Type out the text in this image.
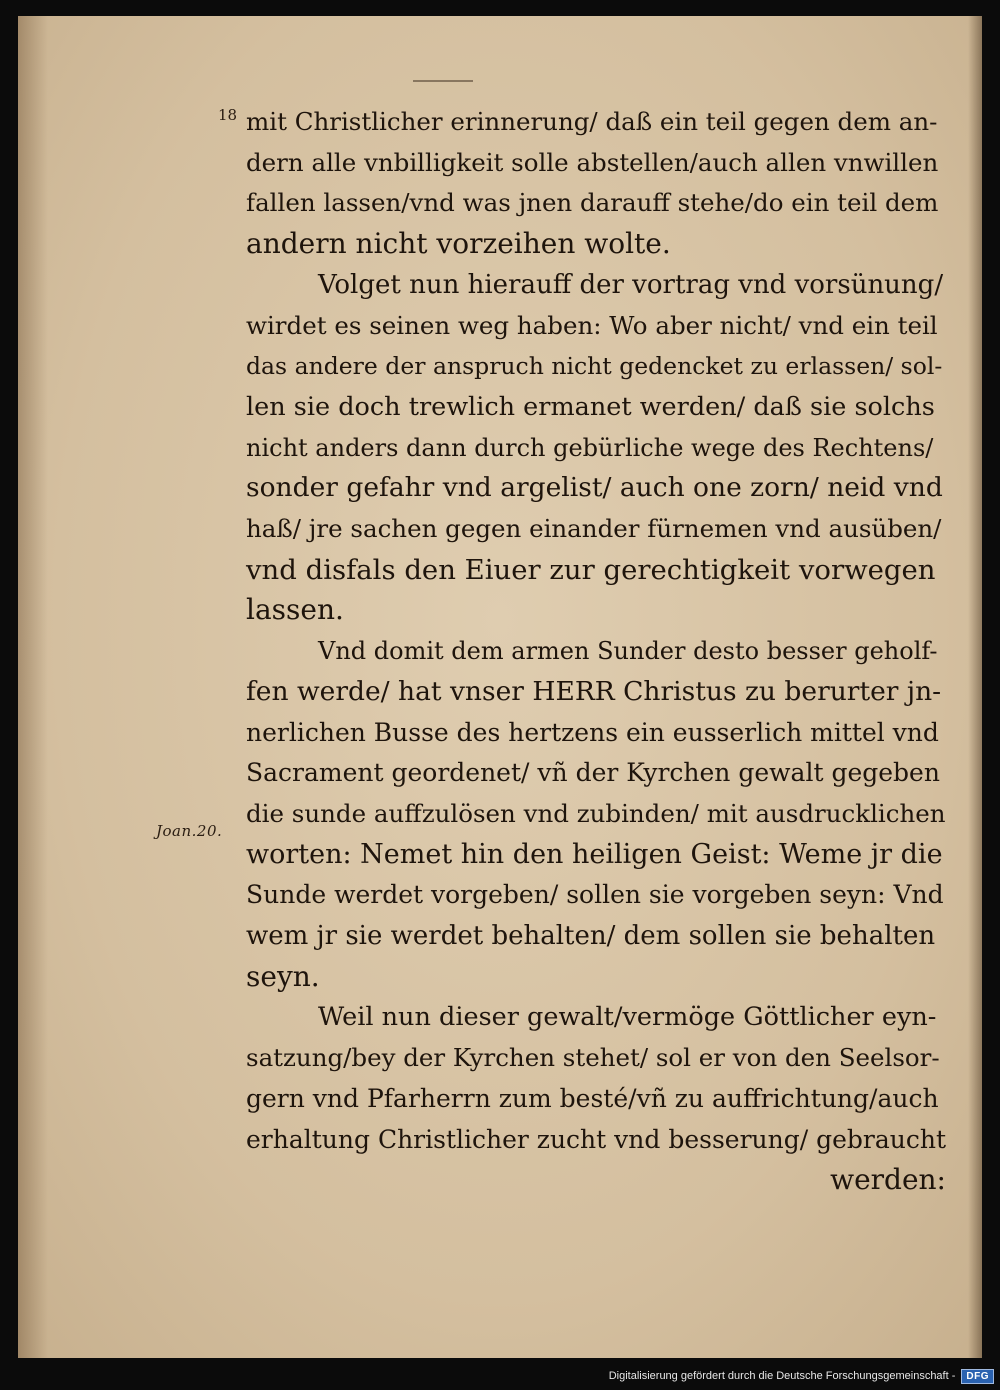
18
Joan.20.
mit Christlicher erinnerung/ daß ein teil gegen dem an-
dern alle vnbilligkeit solle abstellen/auch allen vnwillen
fallen lassen/vnd was jnen darauff stehe/do ein teil dem
andern nicht vorzeihen wolte.
Volget nun hierauff der vortrag vnd vorsünung/
wirdet es seinen weg haben: Wo aber nicht/ vnd ein teil
das andere der anspruch nicht gedencket zu erlassen/ sol-
len sie doch trewlich ermanet werden/ daß sie solchs
nicht anders dann durch gebürliche wege des Rechtens/
sonder gefahr vnd argelist/ auch one zorn/ neid vnd
haß/ jre sachen gegen einander fürnemen vnd ausüben/
vnd disfals den Eiuer zur gerechtigkeit vorwegen
lassen.
Vnd domit dem armen Sunder desto besser geholf-
fen werde/ hat vnser HERR Christus zu berurter jn-
nerlichen Busse des hertzens ein eusserlich mittel vnd
Sacrament geordenet/ vñ der Kyrchen gewalt gegeben
die sunde auffzulösen vnd zubinden/ mit ausdrucklichen
worten: Nemet hin den heiligen Geist: Weme jr die
Sunde werdet vorgeben/ sollen sie vorgeben seyn: Vnd
wem jr sie werdet behalten/ dem sollen sie behalten
seyn.
Weil nun dieser gewalt/vermöge Göttlicher eyn-
satzung/bey der Kyrchen stehet/ sol er von den Seelsor-
gern vnd Pfarherrn zum besté/vñ zu auffrichtung/auch
erhaltung Christlicher zucht vnd besserung/ gebraucht
werden:
Digitalisierung gefördert durch die Deutsche Forschungsgemeinschaft -	DFG
